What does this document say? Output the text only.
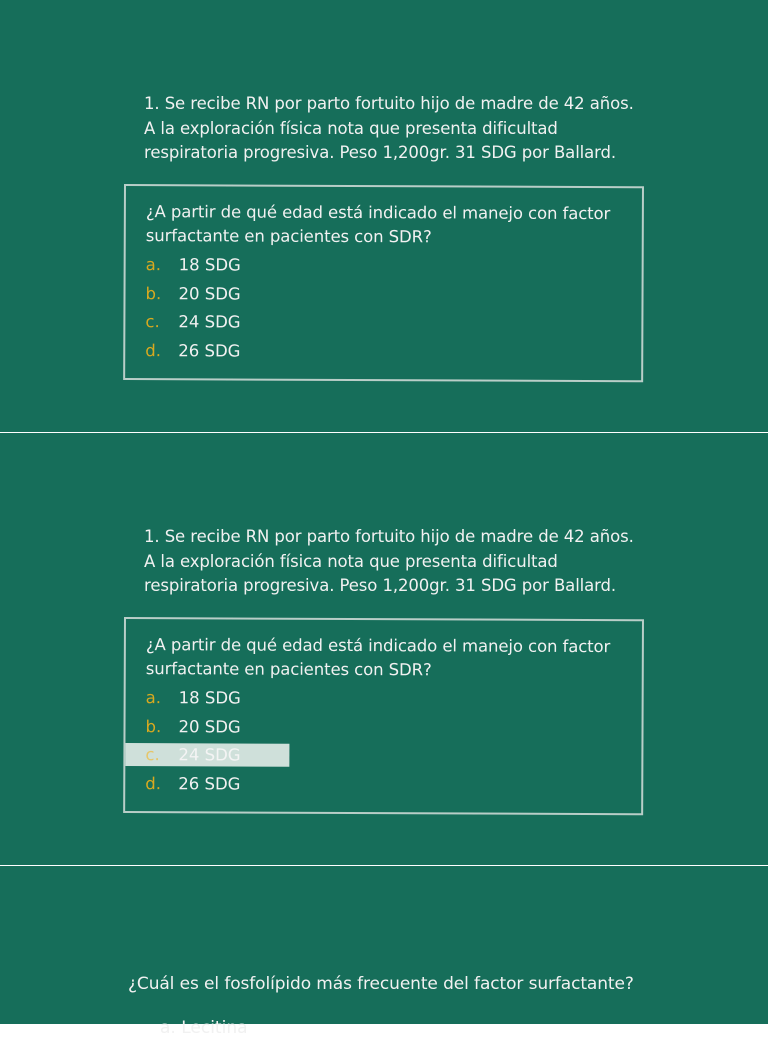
1. Se recibe RN por parto fortuito hijo de madre de 42 años.
A la exploración física nota que presenta dificultad
respiratoria progresiva. Peso 1,200gr. 31 SDG por Ballard.
¿A partir de qué edad está indicado el manejo con factor
surfactante en pacientes con SDR?
a. 18 SDG
b. 20 SDG
c. 24 SDG
d. 26 SDG
1. Se recibe RN por parto fortuito hijo de madre de 42 años.
A la exploración física nota que presenta dificultad
respiratoria progresiva. Peso 1,200gr. 31 SDG por Ballard.
¿A partir de qué edad está indicado el manejo con factor
surfactante en pacientes con SDR?
a. 18 SDG
b. 20 SDG
c. 24 SDG
d. 26 SDG
¿Cuál es el fosfolípido más frecuente del factor surfactante?
a. Lecitina
